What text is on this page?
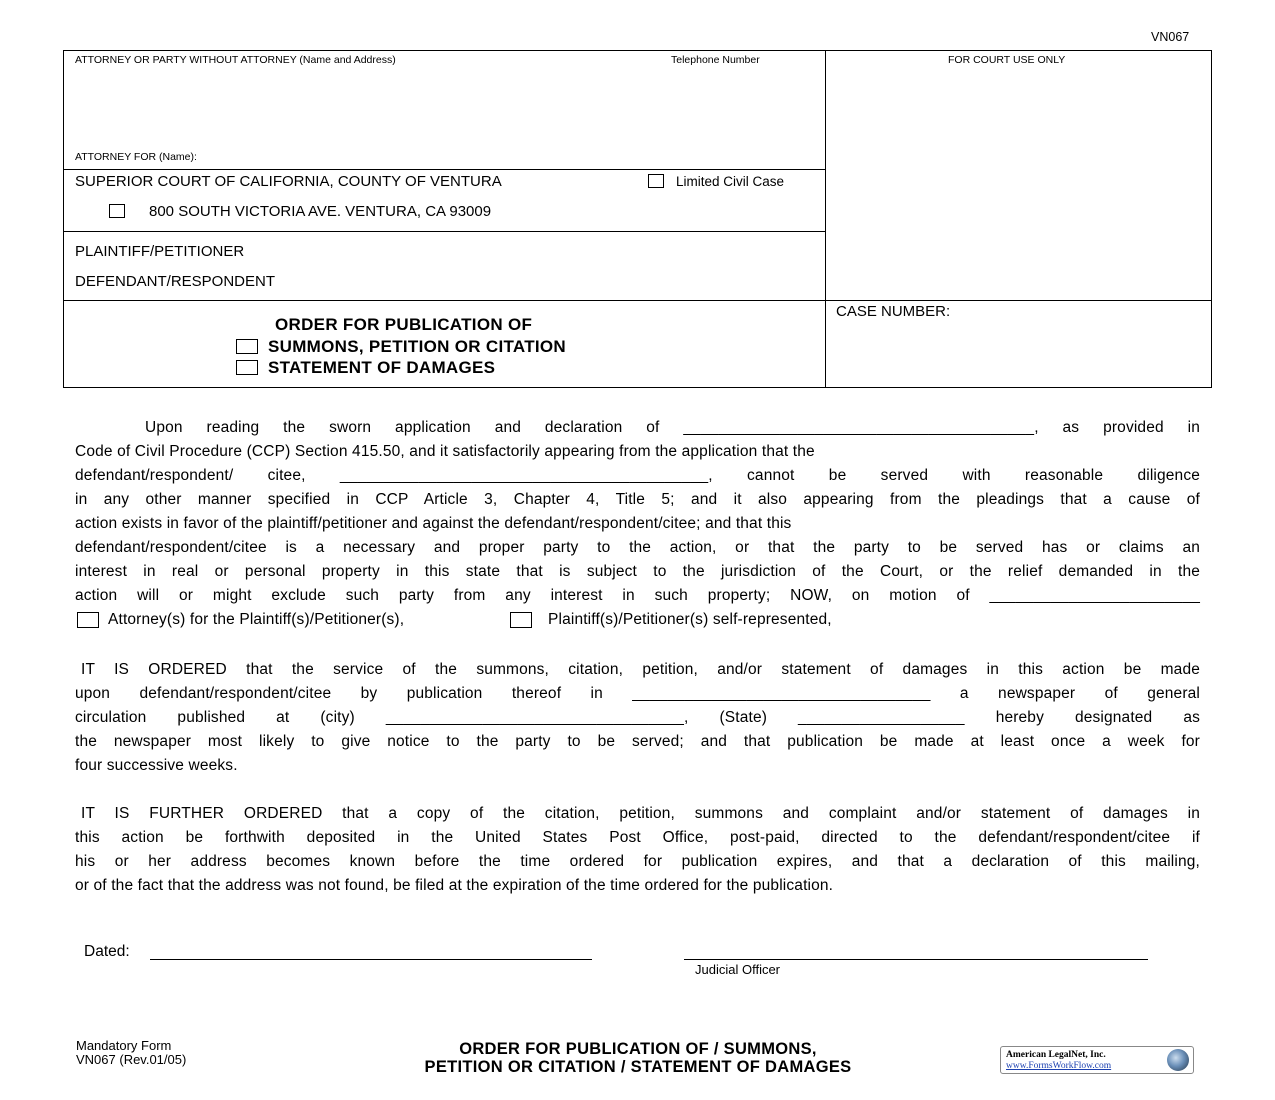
VN067
ATTORNEY OR PARTY WITHOUT ATTORNEY (Name and Address)	Telephone Number	FOR COURT USE ONLY
ATTORNEY FOR (Name):
SUPERIOR COURT OF CALIFORNIA, COUNTY OF VENTURA	Limited Civil Case
800 SOUTH VICTORIA AVE. VENTURA, CA 93009
PLAINTIFF/PETITIONER
DEFENDANT/RESPONDENT
ORDER FOR PUBLICATION OF
SUMMONS, PETITION OR CITATION
STATEMENT OF DAMAGES
CASE NUMBER:
Upon reading the sworn application and declaration of ________________________________________, as provided in
Code of Civil Procedure (CCP) Section 415.50, and it satisfactorily appearing from the application that the
defendant/respondent/ citee, __________________________________________, cannot be served with reasonable diligence
in any other manner specified in CCP Article 3, Chapter 4, Title 5; and it also appearing from the pleadings that a cause of
action exists in favor of the plaintiff/petitioner and against the defendant/respondent/citee; and that this
defendant/respondent/citee is a necessary and proper party to the action, or that the party to be served has or claims an
interest in real or personal property in this state that is subject to the jurisdiction of the Court, or the relief demanded in the
action will or might exclude such party from any interest in such property; NOW, on motion of ________________________
Attorney(s) for the Plaintiff(s)/Petitioner(s),	Plaintiff(s)/Petitioner(s) self-represented,
IT IS ORDERED that the service of the summons, citation, petition, and/or statement of damages in this action be made
upon defendant/respondent/citee by publication thereof in __________________________________ a newspaper of general
circulation published at (city) __________________________________, (State) ___________________ hereby designated as
the newspaper most likely to give notice to the party to be served; and that publication be made at least once a week for
four successive weeks.
IT IS FURTHER ORDERED that a copy of the citation, petition, summons and complaint and/or statement of damages in
this action be forthwith deposited in the United States Post Office, post-paid, directed to the defendant/respondent/citee if
his or her address becomes known before the time ordered for publication expires, and that a declaration of this mailing,
or of the fact that the address was not found, be filed at the expiration of the time ordered for the publication.
Dated:
Judicial Officer
Mandatory Form
VN067 (Rev.01/05)
ORDER FOR PUBLICATION OF / SUMMONS,
PETITION OR CITATION / STATEMENT OF DAMAGES
American LegalNet, Inc.
www.FormsWorkFlow.com
